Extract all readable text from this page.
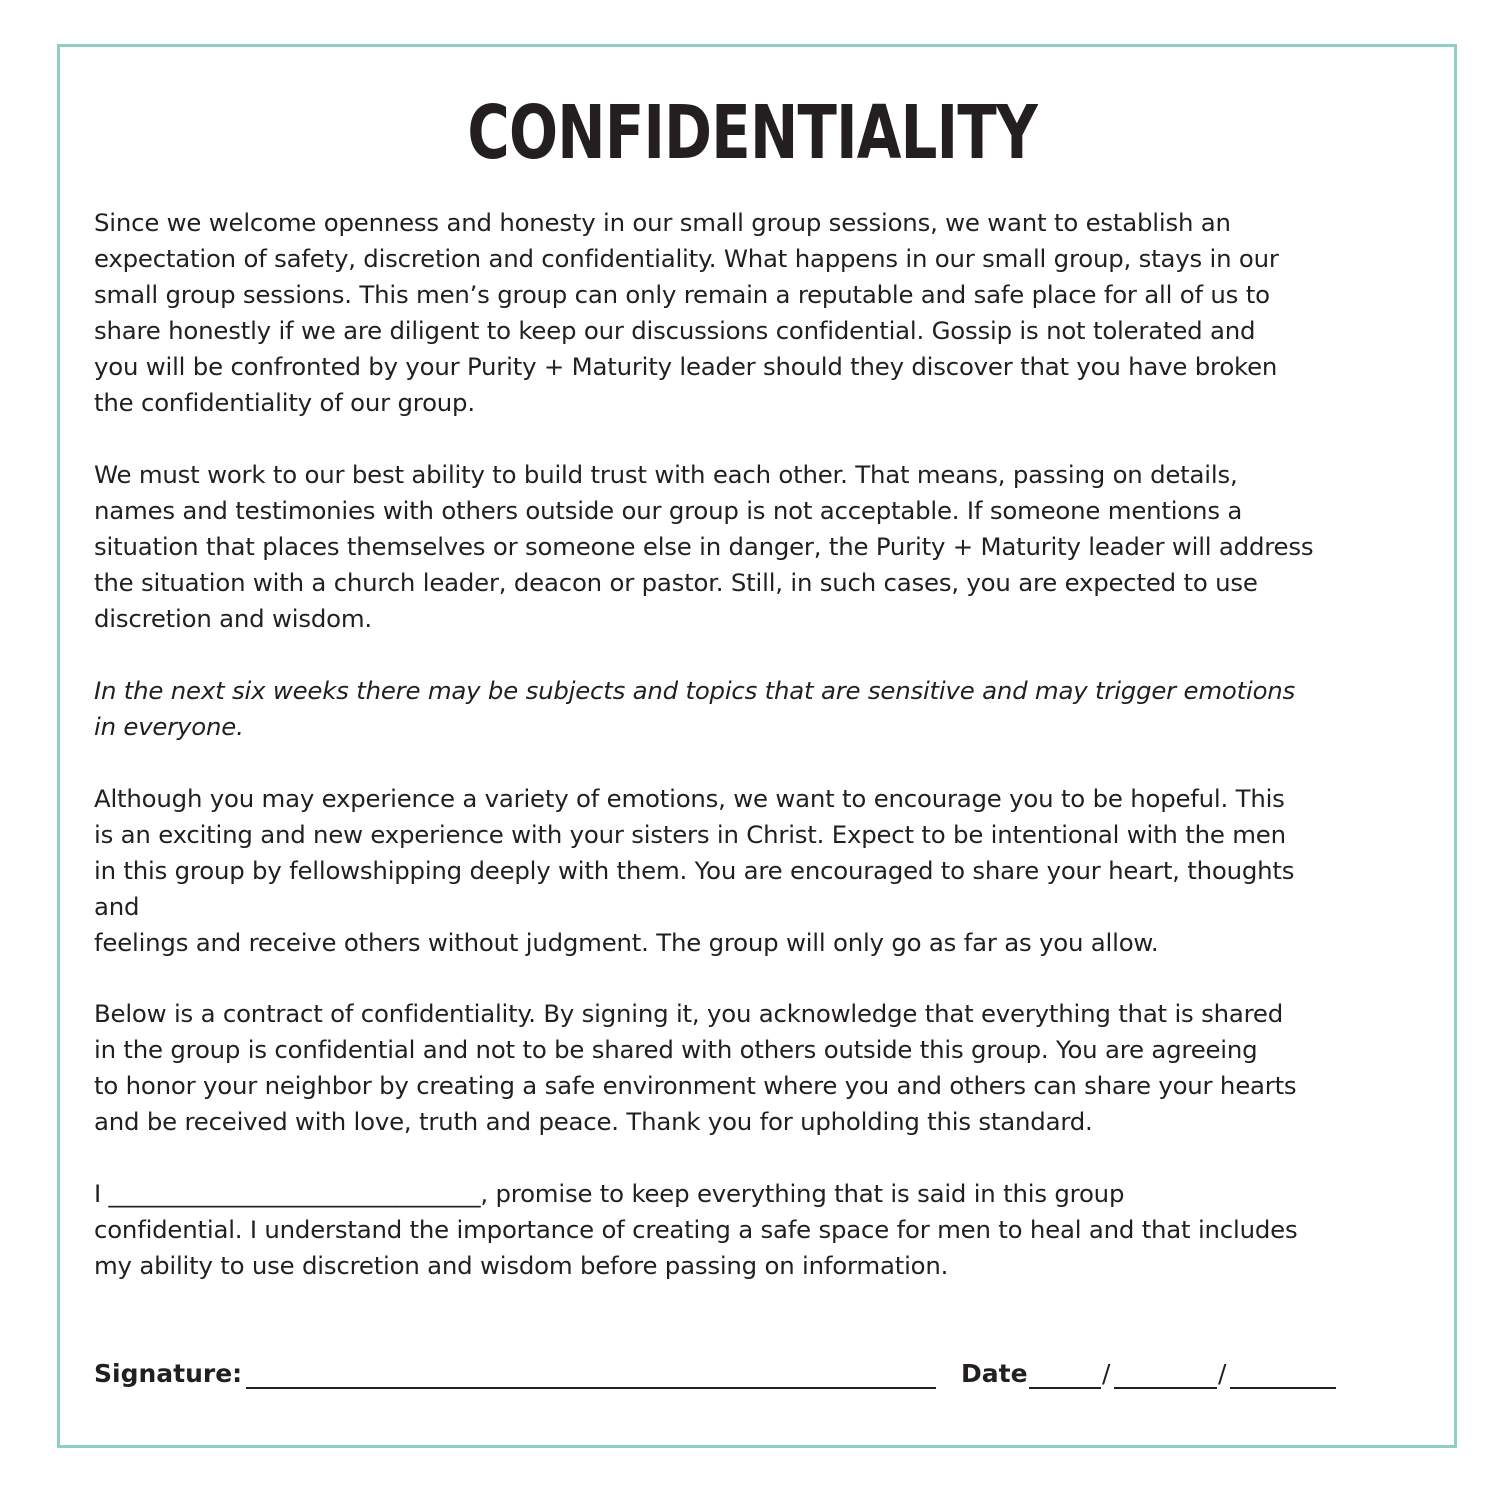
CONFIDENTIALITY
Since we welcome openness and honesty in our small group sessions, we want to establish an
expectation of safety, discretion and confidentiality. What happens in our small group, stays in our
small group sessions. This men’s group can only remain a reputable and safe place for all of us to
share honestly if we are diligent to keep our discussions confidential. Gossip is not tolerated and
you will be confronted by your Purity + Maturity leader should they discover that you have broken
the confidentiality of our group.
We must work to our best ability to build trust with each other. That means, passing on details,
names and testimonies with others outside our group is not acceptable. If someone mentions a
situation that places themselves or someone else in danger, the Purity + Maturity leader will address
the situation with a church leader, deacon or pastor. Still, in such cases, you are expected to use
discretion and wisdom.
In the next six weeks there may be subjects and topics that are sensitive and may trigger emotions
in everyone.
Although you may experience a variety of emotions, we want to encourage you to be hopeful. This
is an exciting and new experience with your sisters in Christ. Expect to be intentional with the men
in this group by fellowshipping deeply with them. You are encouraged to share your heart, thoughts
and
feelings and receive others without judgment. The group will only go as far as you allow.
Below is a contract of confidentiality. By signing it, you acknowledge that everything that is shared
in the group is confidential and not to be shared with others outside this group. You are agreeing
to honor your neighbor by creating a safe environment where you and others can share your hearts
and be received with love, truth and peace. Thank you for upholding this standard.
I _______________________________, promise to keep everything that is said in this group
confidential. I understand the importance of creating a safe space for men to heal and that includes
my ability to use discretion and wisdom before passing on information.
Signature:	Date	/	/
